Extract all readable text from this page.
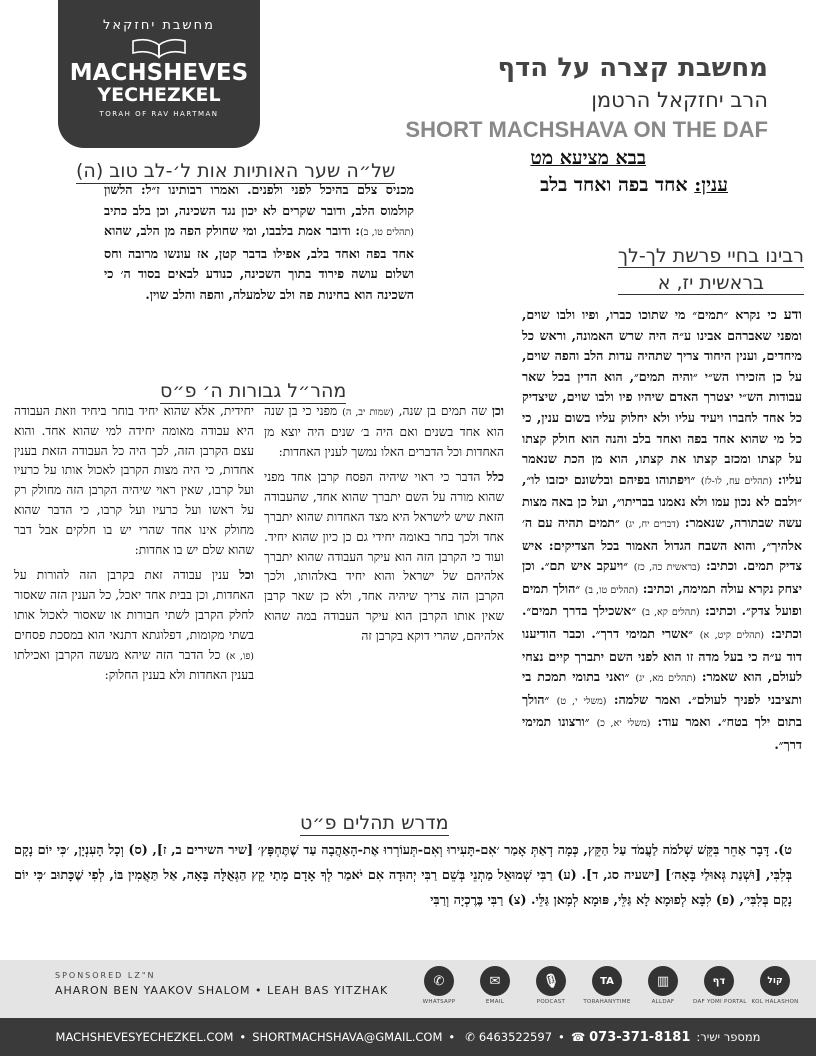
מחשבת יחזקאל
MACHSHEVES
YECHEZKEL
TORAH OF RAV HARTMAN
מחשבת קצרה על הדף
הרב יחזקאל הרטמן
SHORT MACHSHAVA ON THE DAF
בבא מציעא מט
ענין: אחד בפה ואחד בלב
של״ה שער האותיות אות ל׳-לב טוב (ה)
מכניס צלם בהיכל לפני ולפנים. ואמרו רבותינו ז״ל: הלשון קולמוס הלב, ודובר שקרים לא יכון נגד השכינה, וכן בלב כתיב (תהלים טו, ב): ודובר אמת בלבבו, ומי שחולק הפה מן הלב, שהוא אחד בפה ואחד בלב, אפילו בדבר קטן, אז עונשו מרובה וחס ושלום עושה פירוד בתוך השכינה, כנודע לבאים בסוד ה׳ כי השכינה הוא בחינות פה ולב שלמעלה, והפה והלב שוין.
רבינו בחיי פרשת לך-לך
בראשית יז, א
ודע כי נקרא ״תמים״ מי שתוכו כברו, ופיו ולבו שוים, ומפני שאברהם אבינו ע״ה היה שרש האמונה, וראש כל מיחדים, וענין היחוד צריך שתהיה עדות הלב והפה שוים, על כן הזכירו הש״י ״והיה תמים״, הוא הדין בכל שאר עבודות הש״י יצטרך האדם שיהיו פיו ולבו שוים, שיצדיק כל אחד לחברו ויעיד עליו ולא יחלוק עליו בשום ענין, כי כל מי שהוא אחד בפה ואחד בלב והנה הוא חולק קצתו על קצתו ומכזב קצתו את קצתו, הוא מן הכת שנאמר עליו: (תהלים עח, לו-לז) ״ויפתוהו בפיהם ובלשונם יכזבו לו״, ״ולבם לא נכון עמו ולא נאמנו בבריתו״, ועל כן באה מצות עשה שבתורה, שנאמר: (דברים יח, יג) ״תמים תהיה עם ה׳ אלהיך״, והוא השבח הגדול האמור בכל הצדיקים: איש צדיק תמים. וכתיב: (בראשית כה, כז) ״ויעקב איש תם״. וכן יצחק נקרא עולה תמימה, וכתיב: (תהלים טו, ב) ״הולך תמים ופועל צדק״. וכתיב: (תהלים קא, ב) ״אשכילך בדרך תמים״. וכתיב: (תהלים קיט, א) ״אשרי תמימי דרך״. וכבר הודיענו דוד ע״ה כי בעל מדה זו הוא לפני השם יתברך קיים נצחי לעולם, הוא שאמר: (תהלים מא, יג) ״ואני בתומי תמכת בי ותציבני לפניך לעולם״. ואמר שלמה: (משלי י, ט) ״הולך בתום ילך בטח״. ואמר עוד: (משלי יא, כ) ״ורצונו תמימי דרך״.
מהר״ל גבורות ה׳ פ״ס
וכן שה תמים בן שנה, (שמות יב, ה) מפני כי בן שנה הוא אחד בשנים ואם היה ב׳ שנים היה יוצא מן האחדות וכל הדברים האלו נמשך לענין האחדות:
כלל הדבר כי ראוי שיהיה הפסח קרבן אחד מפני שהוא מורה על השם יתברך שהוא אחד, שהעבודה הזאת שיש לישראל היא מצד האחדות שהוא יתברך אחד ולכך בחר באומה יחידי גם כן כיון שהוא יחיד. ועוד כי הקרבן הזה הוא עיקר העבודה שהוא יתברך אלהיהם של ישראל והוא יחיד באלהותו, ולכך הקרבן הזה צריך שיהיה אחד, ולא כן שאר קרבן שאין אותו הקרבן הוא עיקר העבודה במה שהוא אלהיהם, שהרי דוקא בקרבן זה
יחידית, אלא שהוא יחיד בוחר ביחיד וזאת העבודה היא עבודה מאומה יחידה למי שהוא אחד. והוא עצם הקרבן הזה, לכך היה כל העבודה הזאת בענין אחדות, כי היה מצות הקרבן לאכול אותו על כרעיו ועל קרבו, שאין ראוי שיהיה הקרבן הזה מחולק רק על ראשו ועל כרעיו ועל קרבו, כי הדבר שהוא מחולק אינו אחד שהרי יש בו חלקים אבל דבר שהוא שלם יש בו אחדות:
וכל ענין עבודה זאת בקרבן הזה להורות על האחדות, וכן בבית אחד יאכל, כל הענין הזה שאסור לחלק הקרבן לשתי חבורות או שאסור לאכול אותו בשתי מקומות, דפלוגתא דתנאי הוא במסכת פסחים (פו, א) כל הדבר הזה שיהא מעשה הקרבן ואכילתו בענין האחדות ולא בענין החלוק:
מדרש תהלים פ״ט
ט). דָּבָר אַחֵר בִּקֵּשׁ שְׁלֹמֹה לַעֲמֹד עַל הַקֵּץ, כְּמָה דְאַתְּ אָמַר ׳אִם-תָּעִירוּ וְאִם-תְּעוֹרְרוּ אֶת-הָאַהֲבָה עַד שֶׁתֶּחְפָּץ׳ [שיר השירים ב, ז], (ס) וְכָל הָעִנְיָן, ׳כִּי יוֹם נָקָם בְּלִבִּי, [וּשְׁנַת גְּאוּלַי בָּאָה׳] [ישעיה סג, ד]. (ע) רַבִּי שְׁמוּאֵל מַתְנֵי בְּשֵׁם רַבִּי יְהוּדָה אִם יֹאמַר לְךָ אָדָם מָתַי קֵץ הַגְּאֻלָּה בָּאָה, אַל תַּאֲמִין בּוֹ, לְפִי שֶׁכָּתוּב ׳כִּי יוֹם נָקָם בְּלִבִּי׳, (פ) לִבָּא לְפוּמָא לָא גַּלֵּי, פּוּמָא לְמָאן גַּלֵּי. (צ) רַבִּי בֶּרֶכְיָה וְרַבִּי
SPONSORED LZ"N
AHARON BEN YAAKOV SHALOM • LEAH BAS YITZHAK
✆
WHATSAPP
✉
EMAIL
🎙
PODCAST
TA
TORAHANYTIME
▥
ALLDAF
דף
DAF YOMI PORTAL
קול
KOL HALASHON
MACHSHEVESYECHEZKEL.COM • SHORTMACHSHAVA@GMAIL.COM • ✆ 6463522597 • ☎ 073-371-8181 ממספר ישיר:
